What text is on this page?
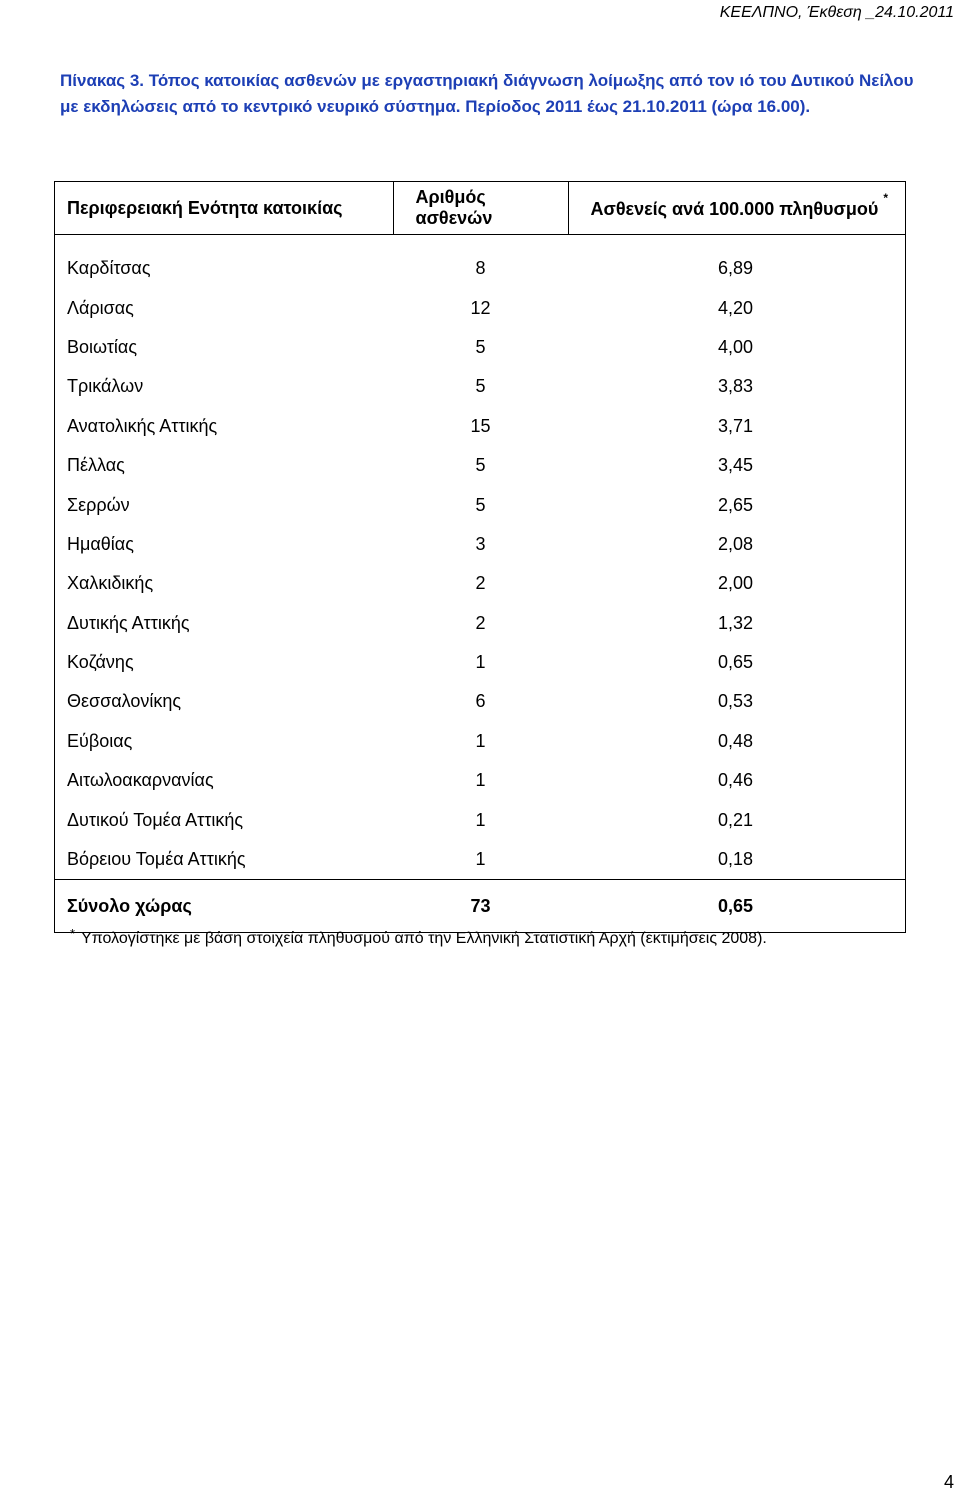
ΚΕΕΛΠΝΟ, Έκθεση _24.10.2011
Πίνακας 3. Τόπος κατοικίας ασθενών με εργαστηριακή διάγνωση λοίμωξης από τον ιό του Δυτικού Νείλου με εκδηλώσεις από το κεντρικό νευρικό σύστημα. Περίοδος 2011 έως 21.10.2011 (ώρα 16.00).
Περιφερειακή Ενότητα κατοικίας	Αριθμός ασθενών	Ασθενείς ανά 100.000 πληθυσμού *
Καρδίτσας	8	6,89
Λάρισας	12	4,20
Βοιωτίας	5	4,00
Τρικάλων	5	3,83
Ανατολικής Αττικής	15	3,71
Πέλλας	5	3,45
Σερρών	5	2,65
Ημαθίας	3	2,08
Χαλκιδικής	2	2,00
Δυτικής Αττικής	2	1,32
Κοζάνης	1	0,65
Θεσσαλονίκης	6	0,53
Εύβοιας	1	0,48
Αιτωλοακαρνανίας	1	0,46
Δυτικού Τομέα Αττικής	1	0,21
Βόρειου Τομέα Αττικής	1	0,18
Σύνολο χώρας	73	0,65
* Υπολογίστηκε με βάση στοιχεία πληθυσμού από την Ελληνική Στατιστική Αρχή (εκτιμήσεις 2008).
4
